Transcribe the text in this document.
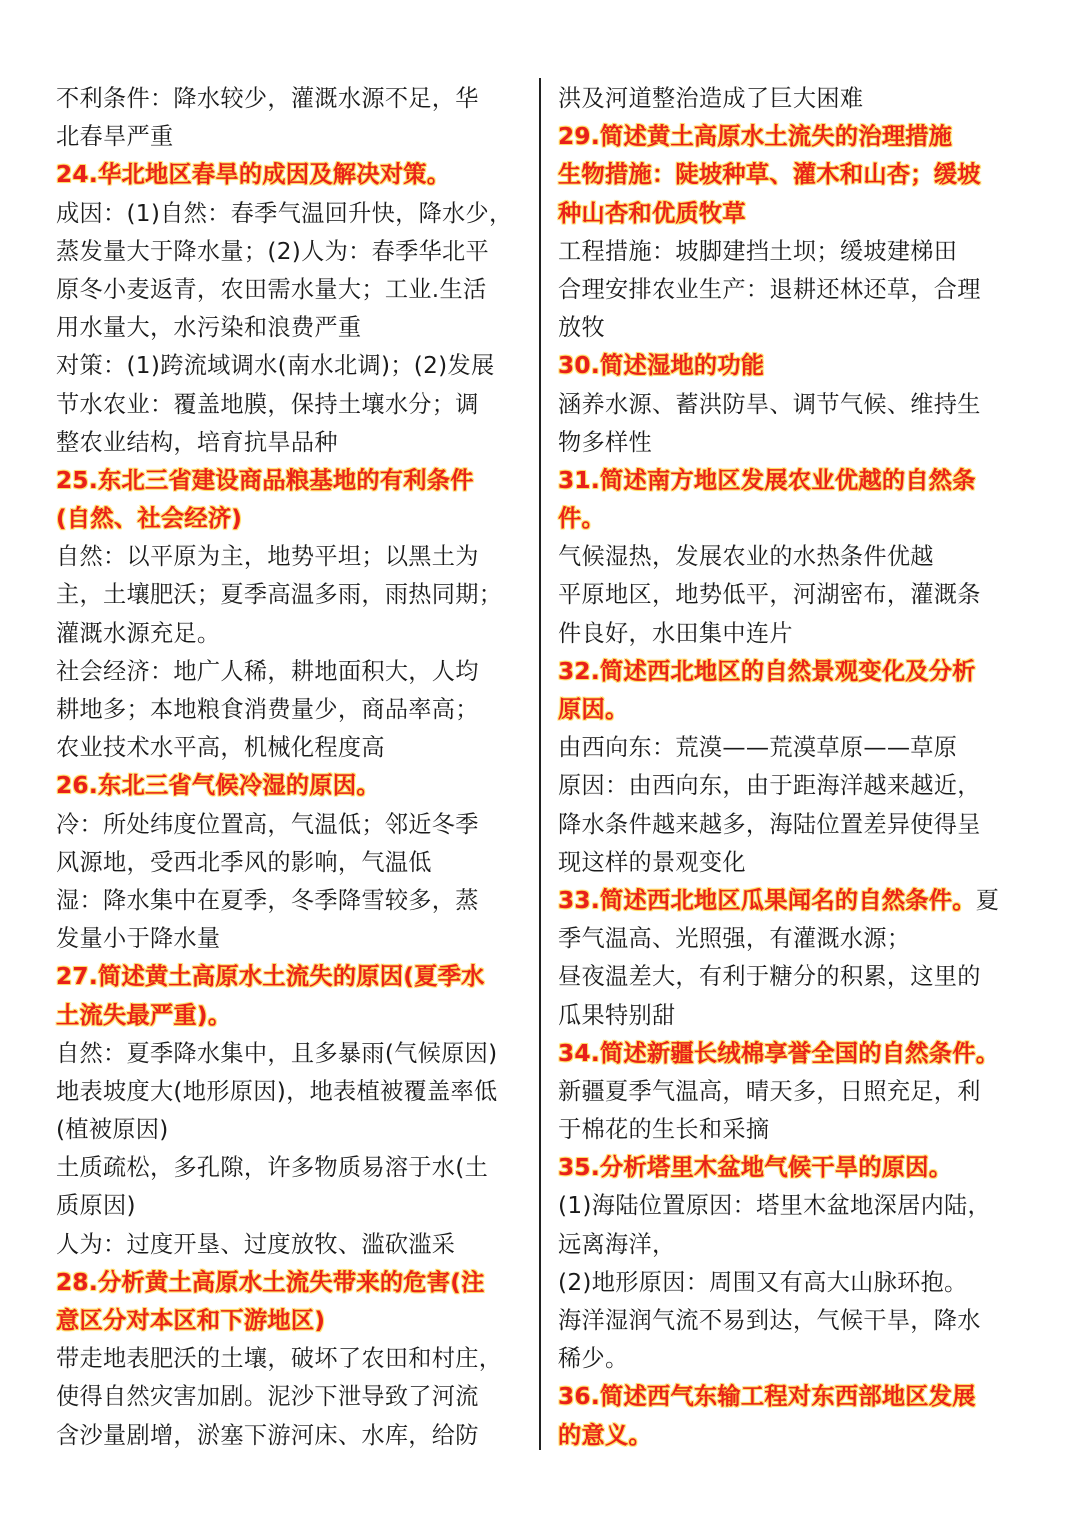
不利条件：降水较少，灌溉水源不足，华
北春旱严重
24.华北地区春旱的成因及解决对策。
成因：(1)自然：春季气温回升快，降水少，
蒸发量大于降水量；(2)人为：春季华北平
原冬小麦返青，农田需水量大；工业.生活
用水量大，水污染和浪费严重
对策：(1)跨流域调水(南水北调)；(2)发展
节水农业：覆盖地膜，保持土壤水分；调
整农业结构，培育抗旱品种
25.东北三省建设商品粮基地的有利条件
(自然、社会经济)
自然：以平原为主，地势平坦；以黑土为
主，土壤肥沃；夏季高温多雨，雨热同期；
灌溉水源充足。
社会经济：地广人稀，耕地面积大，人均
耕地多；本地粮食消费量少，商品率高；
农业技术水平高，机械化程度高
26.东北三省气候冷湿的原因。
冷：所处纬度位置高，气温低；邻近冬季
风源地，受西北季风的影响，气温低
湿：降水集中在夏季，冬季降雪较多，蒸
发量小于降水量
27.简述黄土高原水土流失的原因(夏季水
土流失最严重)。
自然：夏季降水集中，且多暴雨(气候原因)
地表坡度大(地形原因)，地表植被覆盖率低
(植被原因)
土质疏松，多孔隙，许多物质易溶于水(土
质原因)
人为：过度开垦、过度放牧、滥砍滥采
28.分析黄土高原水土流失带来的危害(注
意区分对本区和下游地区)
带走地表肥沃的土壤，破坏了农田和村庄，
使得自然灾害加剧。泥沙下泄导致了河流
含沙量剧增，淤塞下游河床、水库，给防
洪及河道整治造成了巨大困难
29.简述黄土高原水土流失的治理措施
生物措施：陡坡种草、灌木和山杏；缓坡
种山杏和优质牧草
工程措施：坡脚建挡土坝；缓坡建梯田
合理安排农业生产：退耕还林还草，合理
放牧
30.简述湿地的功能
涵养水源、蓄洪防旱、调节气候、维持生
物多样性
31.简述南方地区发展农业优越的自然条
件。
气候湿热，发展农业的水热条件优越
平原地区，地势低平，河湖密布，灌溉条
件良好，水田集中连片
32.简述西北地区的自然景观变化及分析
原因。
由西向东：荒漠——荒漠草原——草原
原因：由西向东，由于距海洋越来越近，
降水条件越来越多，海陆位置差异使得呈
现这样的景观变化
33.简述西北地区瓜果闻名的自然条件。夏
季气温高、光照强，有灌溉水源；
昼夜温差大，有利于糖分的积累，这里的
瓜果特别甜
34.简述新疆长绒棉享誉全国的自然条件。
新疆夏季气温高，晴天多，日照充足，利
于棉花的生长和采摘
35.分析塔里木盆地气候干旱的原因。
(1)海陆位置原因：塔里木盆地深居内陆，
远离海洋，
(2)地形原因：周围又有高大山脉环抱。
海洋湿润气流不易到达，气候干旱，降水
稀少。
36.简述西气东输工程对东西部地区发展
的意义。
